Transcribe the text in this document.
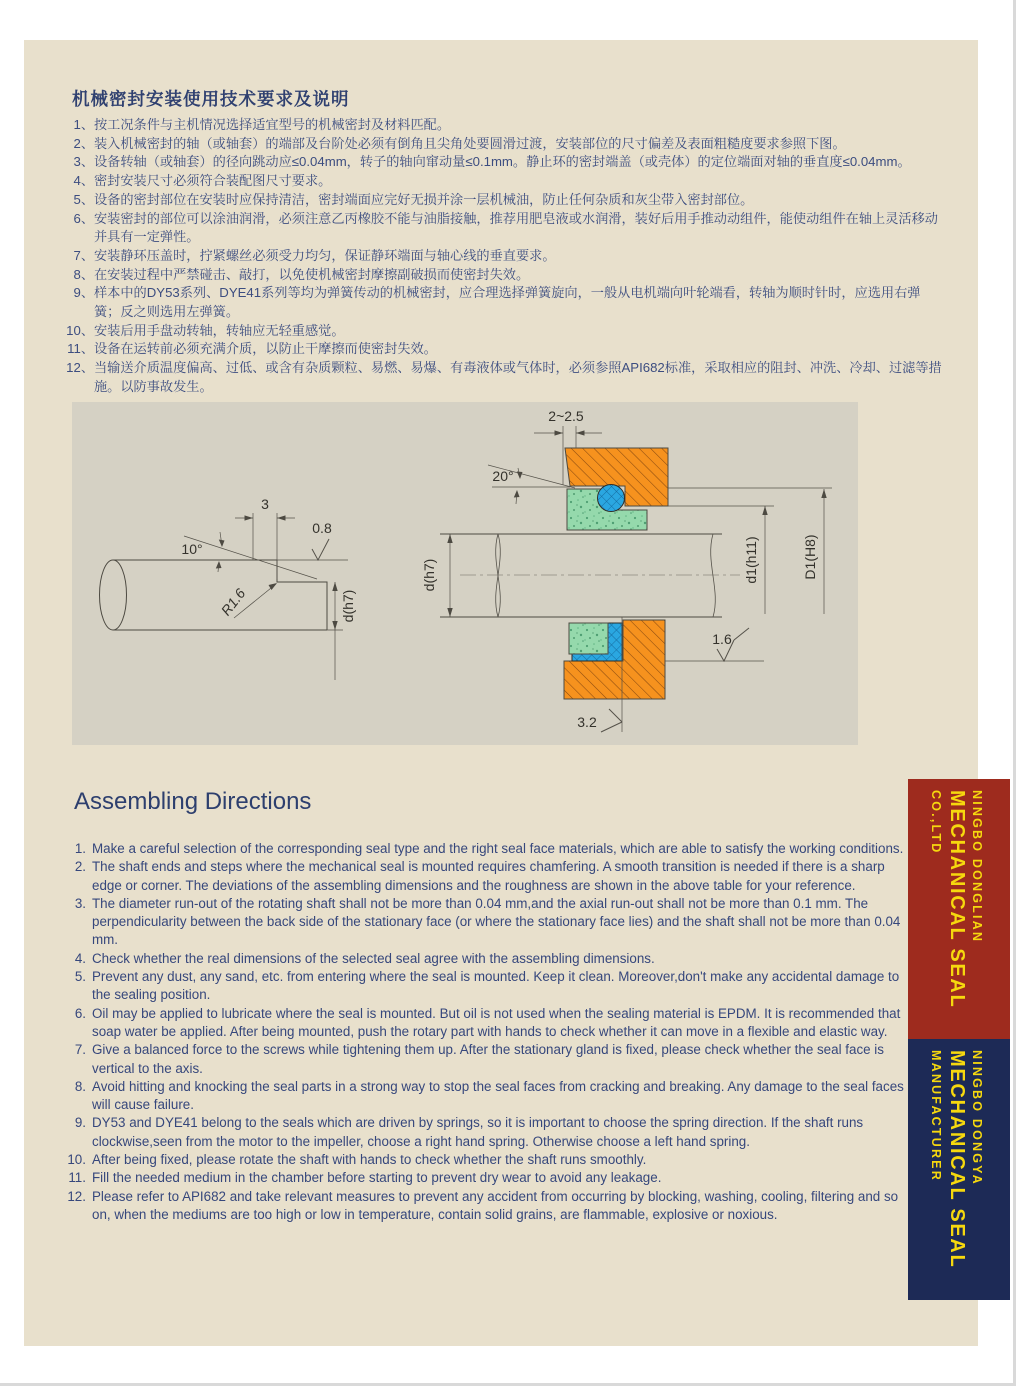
机械密封安装使用技术要求及说明
按工况条件与主机情况选择适宜型号的机械密封及材料匹配。
装入机械密封的轴（或轴套）的端部及台阶处必须有倒角且尖角处要圆滑过渡，安装部位的尺寸偏差及表面粗糙度要求参照下图。
设备转轴（或轴套）的径向跳动应≤0.04mm，转子的轴向窜动量≤0.1mm。静止环的密封端盖（或壳体）的定位端面对轴的垂直度≤0.04mm。
密封安装尺寸必须符合装配图尺寸要求。
设备的密封部位在安装时应保持清洁，密封端面应完好无损并涂一层机械油，防止任何杂质和灰尘带入密封部位。
安装密封的部位可以涂油润滑，必须注意乙丙橡胶不能与油脂接触，推荐用肥皂液或水润滑，装好后用手推动动组件，能使动组件在轴上灵活移动并具有一定弹性。
安装静环压盖时，拧紧螺丝必须受力均匀，保证静环端面与轴心线的垂直要求。
在安装过程中严禁碰击、敲打，以免使机械密封摩擦副破损而使密封失效。
样本中的DY53系列、DYE41系列等均为弹簧传动的机械密封，应合理选择弹簧旋向，一般从电机端向叶轮端看，转轴为顺时针时，应选用右弹簧；反之则选用左弹簧。
安装后用手盘动转轴，转轴应无轻重感觉。
设备在运转前必须充满介质，以防止干摩擦而使密封失效。
当输送介质温度偏高、过低、或含有杂质颗粒、易燃、易爆、有毒液体或气体时，必须参照API682标准，采取相应的阻封、冲洗、冷却、过滤等措施。以防事故发生。
3
10°
0.8
R1.6	d(h7)
2~2.5
20°
d(h7)	d1(h11)	D1(H8)
1.6
3.2
Assembling Directions
Make a careful selection of the corresponding seal type and the right seal face materials, which are able to satisfy the working conditions.
The shaft ends and steps where the mechanical seal is mounted requires chamfering. A smooth transition is needed if there is a sharp edge or corner. The deviations of the assembling dimensions and the roughness are shown in the above table for your reference.
The diameter run-out of the rotating shaft shall not be more than 0.04 mm,and the axial run-out shall not be more than 0.1 mm. The perpendicularity between the back side of the stationary face (or where the stationary face lies) and the shaft shall not be more than 0.04 mm.
Check whether the real dimensions of the selected seal agree with the assembling dimensions.
Prevent any dust, any sand, etc. from entering where the seal is mounted. Keep it clean. Moreover,don't make any accidental damage to the sealing position.
Oil may be applied to lubricate where the seal is mounted. But oil is not used when the sealing material is EPDM. It is recommended that soap water be applied. After being mounted, push the rotary part with hands to check whether it can move in a flexible and elastic way.
Give a balanced force to the screws while tightening them up. After the stationary gland is fixed, please check whether the seal face is vertical to the axis.
Avoid hitting and knocking the seal parts in a strong way to stop the seal faces from cracking and breaking. Any damage to the seal faces will cause failure.
DY53 and DYE41 belong to the seals which are driven by springs, so it is important to choose the spring direction. If the shaft runs clockwise,seen from the motor to the impeller, choose a right hand spring. Otherwise choose a left hand spring.
After being fixed, please rotate the shaft with hands to check whether the shaft runs smoothly.
Fill the needed medium in the chamber before starting to prevent dry wear to avoid any leakage.
Please refer to API682 and take relevant measures to prevent any accident from occurring by blocking, washing, cooling, filtering and so on, when the mediums are too high or low in temperature, contain solid grains, are flammable, explosive or noxious.
NINGBO DONGLIAN
MECHANICAL SEAL
CO.,LTD
NINGBO DONGYA
MECHANICAL SEAL
MANUFACTURER
